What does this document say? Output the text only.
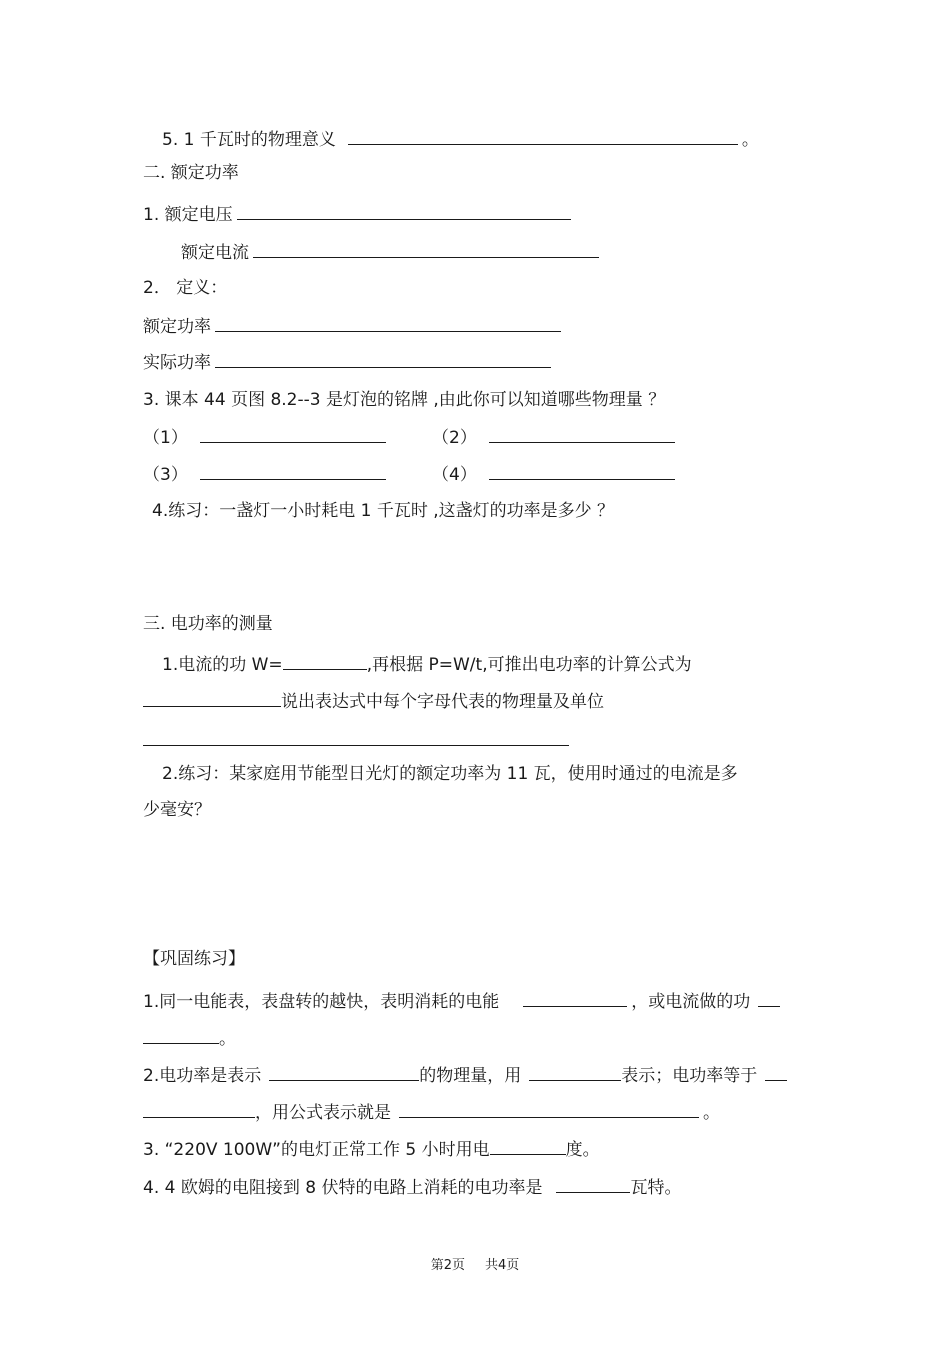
5. 1 千瓦时的物理意义	。
二. 额定功率
1. 额定电压
额定电流
2． 定义：
额定功率
实际功率
3. 课本 44 页图 8.2--3 是灯泡的铭牌 ,由此你可以知道哪些物理量 ？
（1）	（2）
（3）	（4）
4.练习：一盏灯一小时耗电 1 千瓦时 ,这盏灯的功率是多少 ？
三. 电功率的测量
1.电流的功 W=	,再根据 P=W/t,可推出电功率的计算公式为
说出表达式中每个字母代表的物理量及单位
2.练习：某家庭用节能型日光灯的额定功率为 11 瓦，使用时通过的电流是多
少毫安？
【巩固练习】
1.同一电能表，表盘转的越快，表明消耗的电能	，或电流做的功
。
2.电功率是表示	的物理量，用	表示；电功率等于
，用公式表示就是	。
3. “220V 100W”的电灯正常工作 5 小时用电	度。
4. 4 欧姆的电阻接到 8 伏特的电路上消耗的电功率是	瓦特。
第2页 共4页
